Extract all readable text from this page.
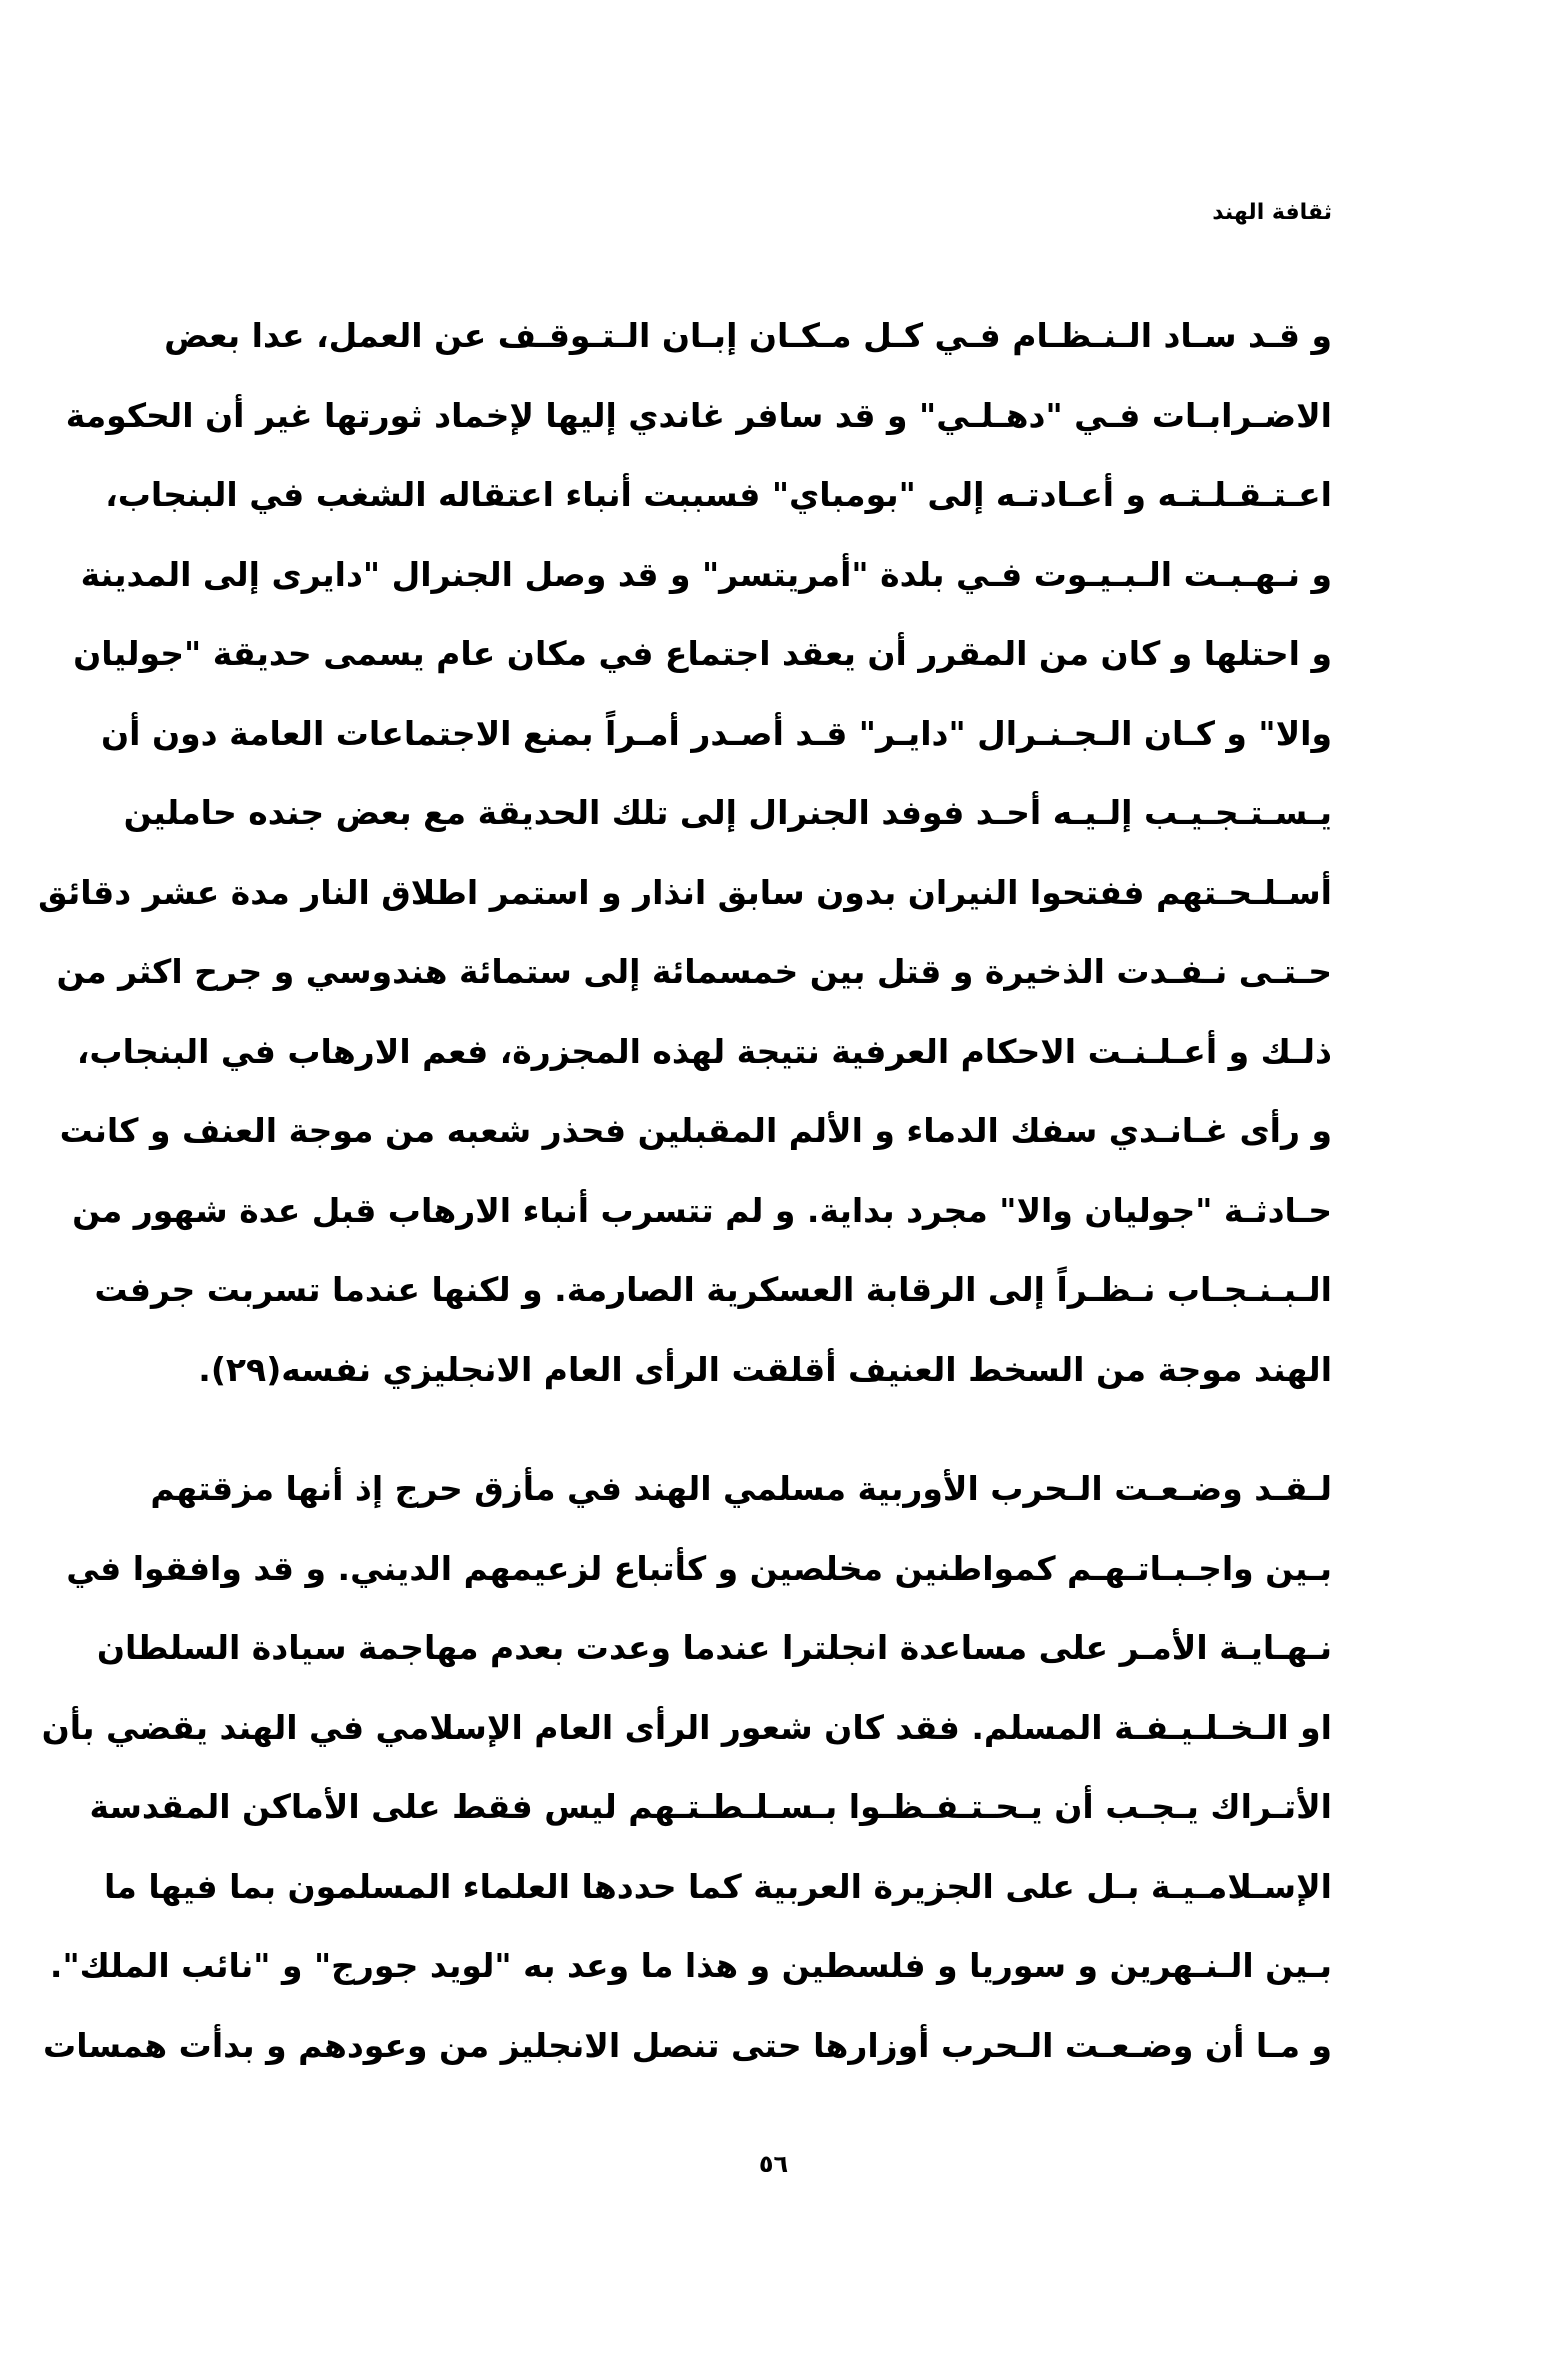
ثقافة الهند

و قـد سـاد الـنـظـام فـي كـل مـكـان إبـان الـتـوقـف عن العمل، عدا بعض
الاضـرابـات فـي "دهـلـي" و قد سافر غاندي إليها لإخماد ثورتها غير أن الحكومة
اعـتـقـلـتـه و أعـادتـه إلى "بومباي" فسببت أنباء اعتقاله الشغب في البنجاب،
و نـهـبـت الـبـيـوت فـي بلدة "أمريتسر" و قد وصل الجنرال "دايرى إلى المدينة
و احتلها و كان من المقرر أن يعقد اجتماع في مكان عام يسمى حديقة "جوليان
والا" و كـان الـجـنـرال "دايـر" قـد أصـدر أمـراً بمنع الاجتماعات العامة دون أن
يـسـتـجـيـب إلـيـه أحـد فوفد الجنرال إلى تلك الحديقة مع بعض جنده حاملين
أسـلـحـتهم ففتحوا النيران بدون سابق انذار و استمر اطلاق النار مدة عشر دقائق
حـتـى نـفـدت الذخيرة و قتل بين خمسمائة إلى ستمائة هندوسي و جرح اكثر من
ذلـك و أعـلـنـت الاحكام العرفية نتيجة لهذه المجزرة، فعم الارهاب في البنجاب،
و رأى غـانـدي سفك الدماء و الألم المقبلين فحذر شعبه من موجة العنف و كانت
حـادثـة "جوليان والا" مجرد بداية. و لم تتسرب أنباء الارهاب قبل عدة شهور من
الـبـنـجـاب نـظـراً إلى الرقابة العسكرية الصارمة. و لكنها عندما تسربت جرفت
الهند موجة من السخط العنيف أقلقت الرأى العام الانجليزي نفسه(٢٩).

لـقـد وضـعـت الـحرب الأوربية مسلمي الهند في مأزق حرج إذ أنها مزقتهم
بـين واجـبـاتـهـم كمواطنين مخلصين و كأتباع لزعيمهم الديني. و قد وافقوا في
نـهـايـة الأمـر على مساعدة انجلترا عندما وعدت بعدم مهاجمة سيادة السلطان
او الـخـلـيـفـة المسلم. فقد كان شعور الرأى العام الإسلامي في الهند يقضي بأن
الأتـراك يـجـب أن يـحـتـفـظـوا بـسـلـطـتـهم ليس فقط على الأماكن المقدسة
الإسـلامـيـة بـل على الجزيرة العربية كما حددها العلماء المسلمون بما فيها ما
بـين الـنـهرين و سوريا و فلسطين و هذا ما وعد به "لويد جورج" و "نائب الملك".
و مـا أن وضـعـت الـحرب أوزارها حتى تنصل الانجليز من وعودهم و بدأت همسات

٥٦
